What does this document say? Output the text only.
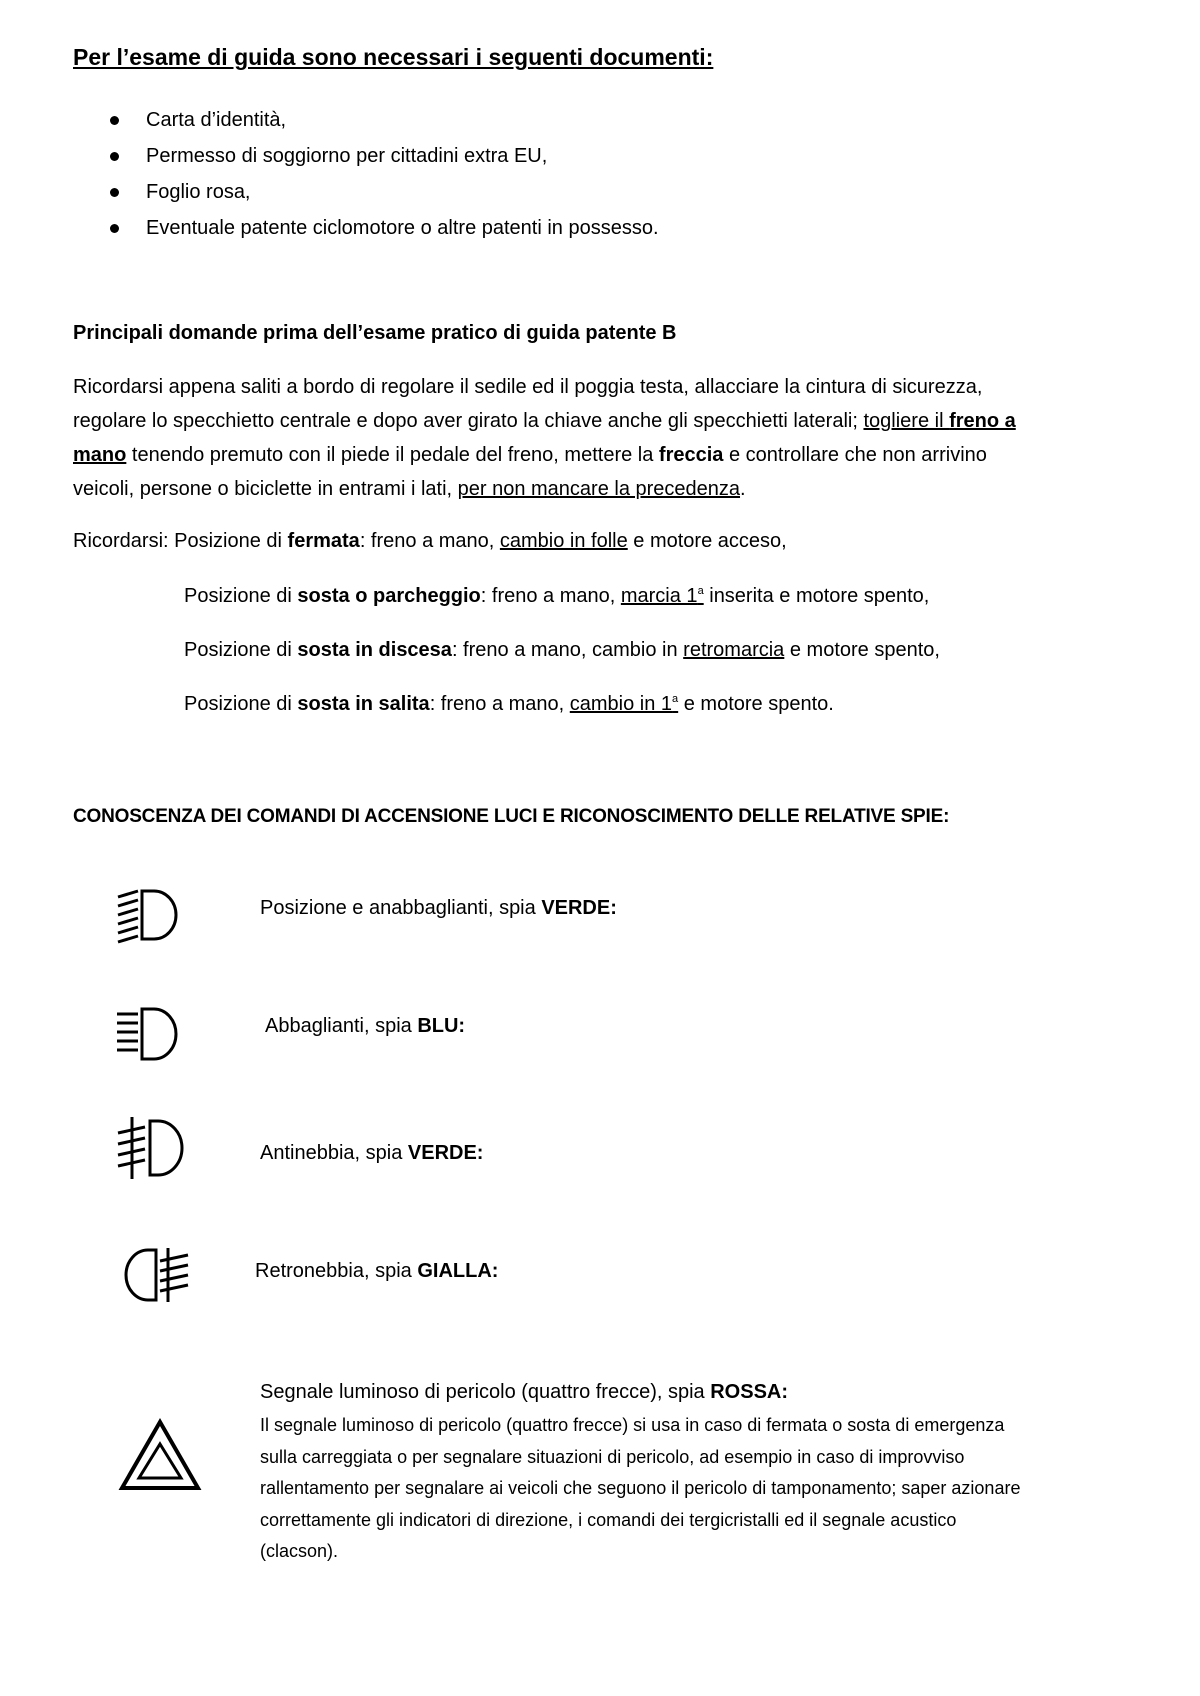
Per l’esame di guida sono necessari i seguenti documenti:
Carta d’identità,
Permesso di soggiorno per cittadini extra EU,
Foglio rosa,
Eventuale patente ciclomotore o altre patenti in possesso.
Principali domande prima dell’esame pratico di guida patente B
Ricordarsi appena saliti a bordo di regolare il sedile ed il poggia testa, allacciare la cintura di sicurezza,
regolare lo specchietto centrale e dopo aver girato la chiave anche gli specchietti laterali; togliere il freno a
mano tenendo premuto con il piede il pedale del freno, mettere la freccia e controllare che non arrivino
veicoli, persone o biciclette in entrami i lati, per non mancare la precedenza.
Ricordarsi: Posizione di fermata: freno a mano, cambio in folle e motore acceso,
Posizione di sosta o parcheggio: freno a mano, marcia 1$^a$ inserita e motore spento,
Posizione di sosta in discesa: freno a mano, cambio in retromarcia e motore spento,
Posizione di sosta in salita: freno a mano, cambio in 1$^a$ e motore spento.
CONOSCENZA DEI COMANDI DI ACCENSIONE LUCI E RICONOSCIMENTO DELLE RELATIVE SPIE:
Posizione e anabbaglianti, spia VERDE:
Abbaglianti, spia BLU:
Antinebbia, spia VERDE:
Retronebbia, spia GIALLA:
Segnale luminoso di pericolo (quattro frecce), spia ROSSA:
Il segnale luminoso di pericolo (quattro frecce) si usa in caso di fermata o sosta di emergenza
sulla carreggiata o per segnalare situazioni di pericolo, ad esempio in caso di improvviso
rallentamento per segnalare ai veicoli che seguono il pericolo di tamponamento; saper azionare
correttamente gli indicatori di direzione, i comandi dei tergicristalli ed il segnale acustico
(clacson).
